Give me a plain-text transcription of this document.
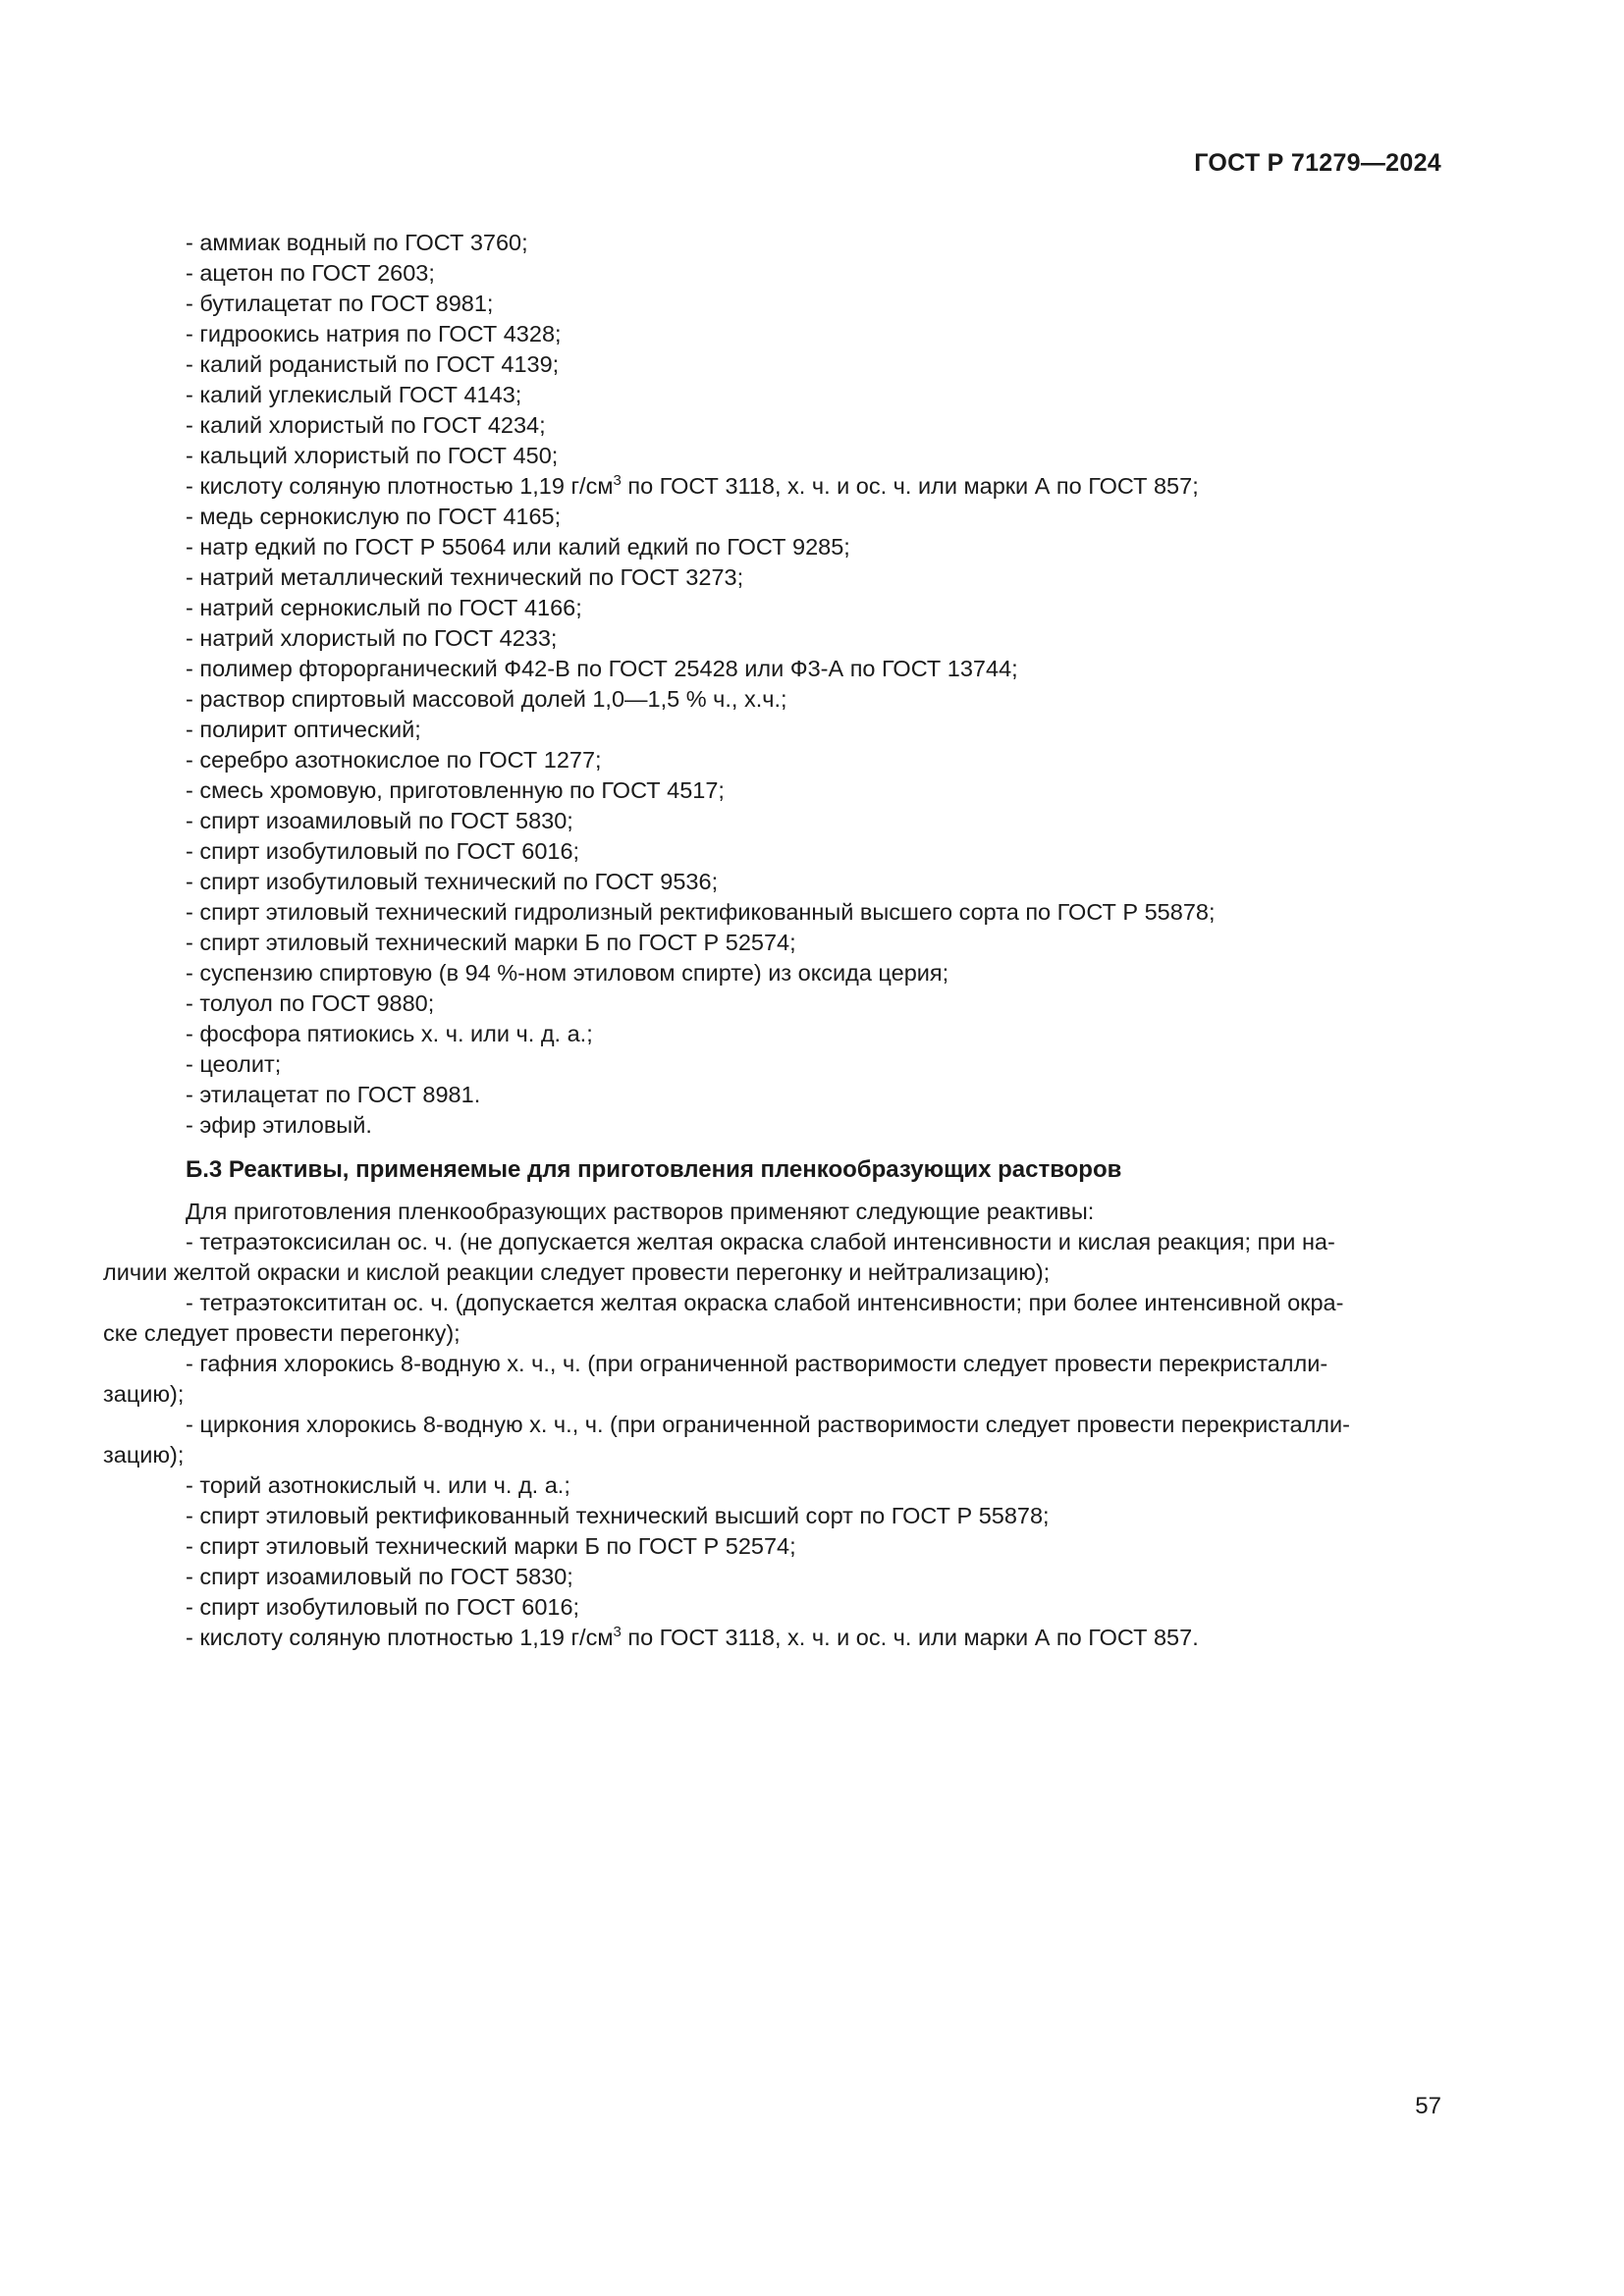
ГОСТ Р 71279—2024

- аммиак водный по ГОСТ 3760;

- ацетон по ГОСТ 2603;

- бутилацетат по ГОСТ 8981;

- гидроокись натрия по ГОСТ 4328;

- калий роданистый по ГОСТ 4139;

- калий углекислый ГОСТ 4143;

- калий хлористый по ГОСТ 4234;

- кальций хлористый по ГОСТ 450;

- кислоту соляную плотностью 1,19 $г/см^3$ по ГОСТ 3118, х. ч. и ос. ч. или марки А по ГОСТ 857;

- медь сернокислую по ГОСТ 4165;

- натр едкий по ГОСТ Р 55064 или калий едкий по ГОСТ 9285;

- натрий металлический технический по ГОСТ 3273;

- натрий сернокислый по ГОСТ 4166;

- натрий хлористый по ГОСТ 4233;

- полимер фторорганический Ф42-В по ГОСТ 25428 или Ф3-А по ГОСТ 13744;

- раствор спиртовый массовой долей 1,0—1,5 % ч., х.ч.;

- полирит оптический;

- серебро азотнокислое по ГОСТ 1277;

- смесь хромовую, приготовленную по ГОСТ 4517;

- спирт изоамиловый по ГОСТ 5830;

- спирт изобутиловый по ГОСТ 6016;

- спирт изобутиловый технический по ГОСТ 9536;

- спирт этиловый технический гидролизный ректификованный высшего сорта по ГОСТ Р 55878;

- спирт этиловый технический марки Б по ГОСТ Р 52574;

- суспензию спиртовую (в 94 %-ном этиловом спирте) из оксида церия;

- толуол по ГОСТ 9880;

- фосфора пятиокись х. ч. или ч. д. а.;

- цеолит;

- этилацетат по ГОСТ 8981.

- эфир этиловый.

Б.3 Реактивы, применяемые для приготовления пленкообразующих растворов

Для приготовления пленкообразующих растворов применяют следующие реактивы:

- тетраэтоксисилан ос. ч. (не допускается желтая окраска слабой интенсивности и кислая реакция; при на-
личии желтой окраски и кислой реакции следует провести перегонку и нейтрализацию);
- тетраэтоксититан ос. ч. (допускается желтая окраска слабой интенсивности; при более интенсивной окра-
ске следует провести перегонку);
- гафния хлорокись 8-водную х. ч., ч. (при ограниченной растворимости следует провести перекристалли-
зацию);
- циркония хлорокись 8-водную х. ч., ч. (при ограниченной растворимости следует провести перекристалли-
зацию);

- торий азотнокислый ч. или ч. д. а.;

- спирт этиловый ректификованный технический высший сорт по ГОСТ Р 55878;

- спирт этиловый технический марки Б по ГОСТ Р 52574;

- спирт изоамиловый по ГОСТ 5830;

- спирт изобутиловый по ГОСТ 6016;

- кислоту соляную плотностью 1,19 $г/см^3$ по ГОСТ 3118, х. ч. и ос. ч. или марки А по ГОСТ 857.

57
